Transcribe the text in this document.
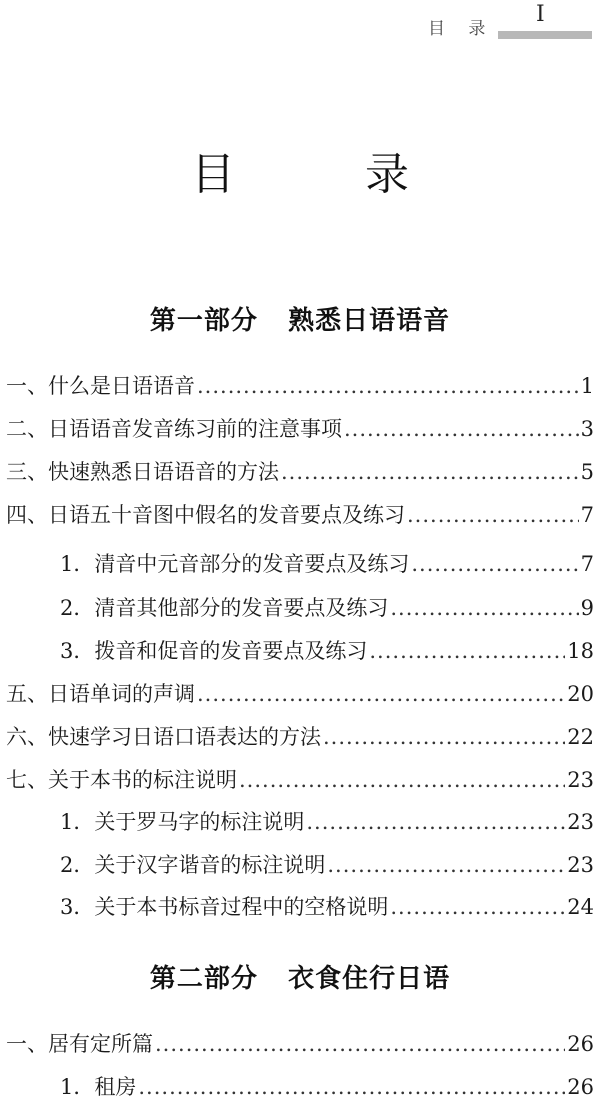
目 录
I
目 录
第一部分   熟悉日语语音
一、什么是日语语音 .....	1
二、日语语音发音练习前的注意事项 .....	3
三、快速熟悉日语语音的方法 .....	5
四、日语五十音图中假名的发音要点及练习 .....	7
1．清音中元音部分的发音要点及练习 .....	7
2．清音其他部分的发音要点及练习 .....	9
3．拨音和促音的发音要点及练习 .....	18
五、日语单词的声调 .....	20
六、快速学习日语口语表达的方法 .....	22
七、关于本书的标注说明 .....	23
1．关于罗马字的标注说明 .....	23
2．关于汉字谐音的标注说明 .....	23
3．关于本书标音过程中的空格说明 .....	24
第二部分   衣食住行日语
一、居有定所篇 .....	26
1．租房 .....	26
